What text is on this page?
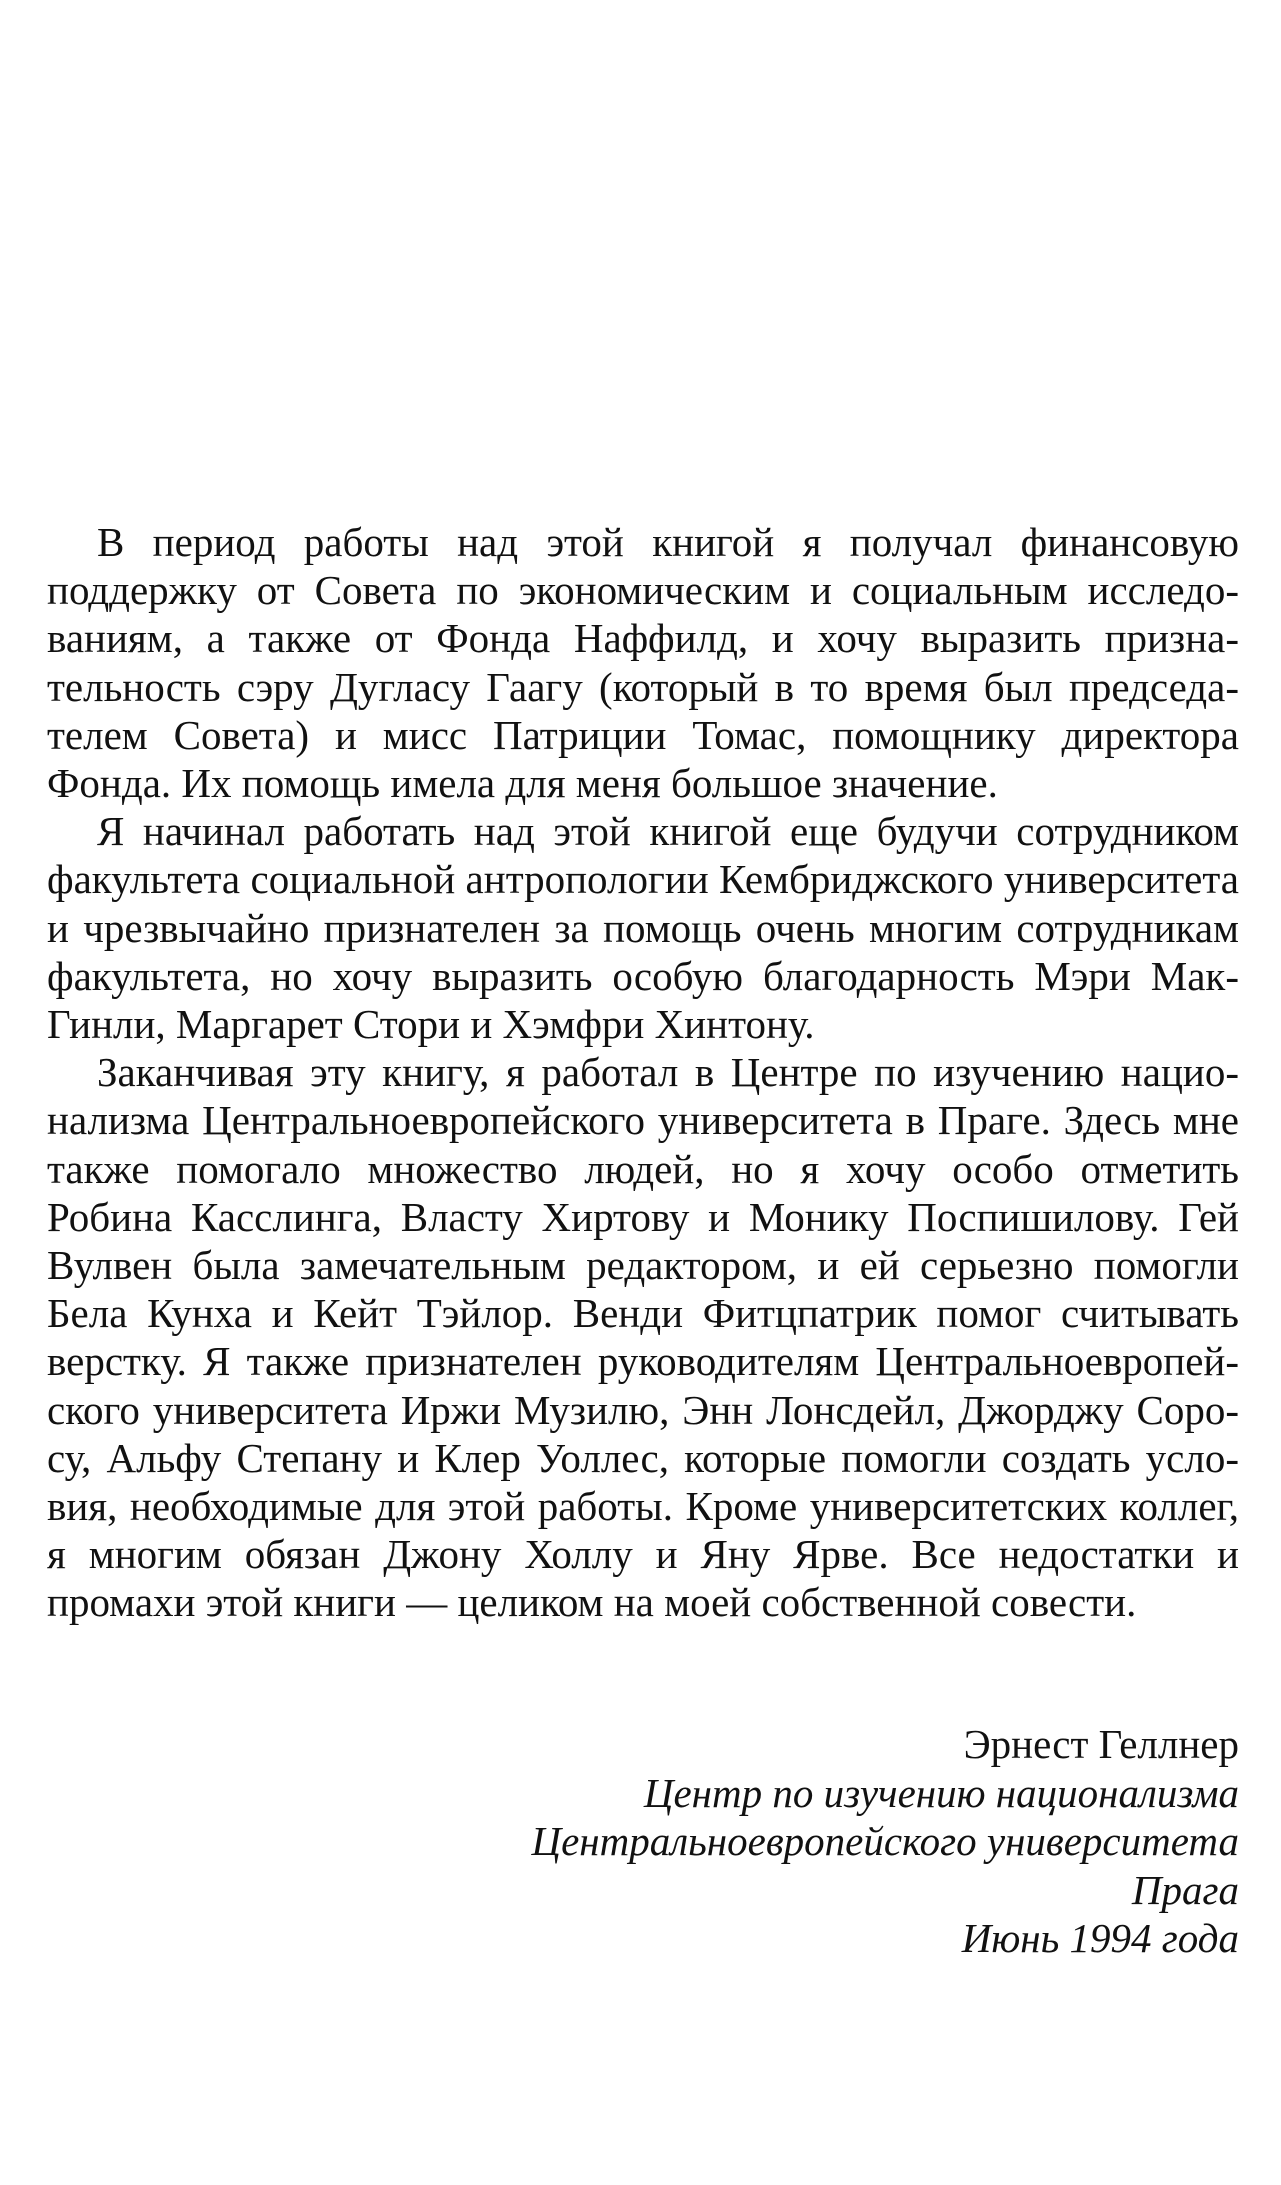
В период работы над этой книгой я получал финансовую поддержку от Совета по экономическим и социальным исследованиям, а также от Фонда Наффилд, и хочу выразить признательность сэру Дугласу Гаагу (который в то время был председателем Совета) и мисс Патриции Томас, помощнику директора Фонда. Их помощь имела для меня большое значение.

Я начинал работать над этой книгой еще будучи сотрудником факультета социальной антропологии Кембриджского университета и чрезвычайно признателен за помощь очень многим сотрудникам факультета, но хочу выразить особую благодарность Мэри Мак-Гинли, Маргарет Стори и Хэмфри Хинтону.

Заканчивая эту книгу, я работал в Центре по изучению национализма Центральноевропейского университета в Праге. Здесь мне также помогало множество людей, но я хочу особо отметить Робина Касслинга, Власту Хиртову и Монику Поспишилову. Гей Вулвен была замечательным редактором, и ей серьезно помогли Бела Кунха и Кейт Тэйлор. Венди Фитцпатрик помог считывать верстку. Я также признателен руководителям Центральноевропейского университета Иржи Музилю, Энн Лонсдейл, Джорджу Соросу, Альфу Степану и Клер Уоллес, которые помогли создать условия, необходимые для этой работы. Кроме университетских коллег, я многим обязан Джону Холлу и Яну Ярве. Все недостатки и промахи этой книги — целиком на моей собственной совести.

Эрнест Геллнер
Центр по изучению национализма
Центральноевропейского университета
Прага
Июнь 1994 года
